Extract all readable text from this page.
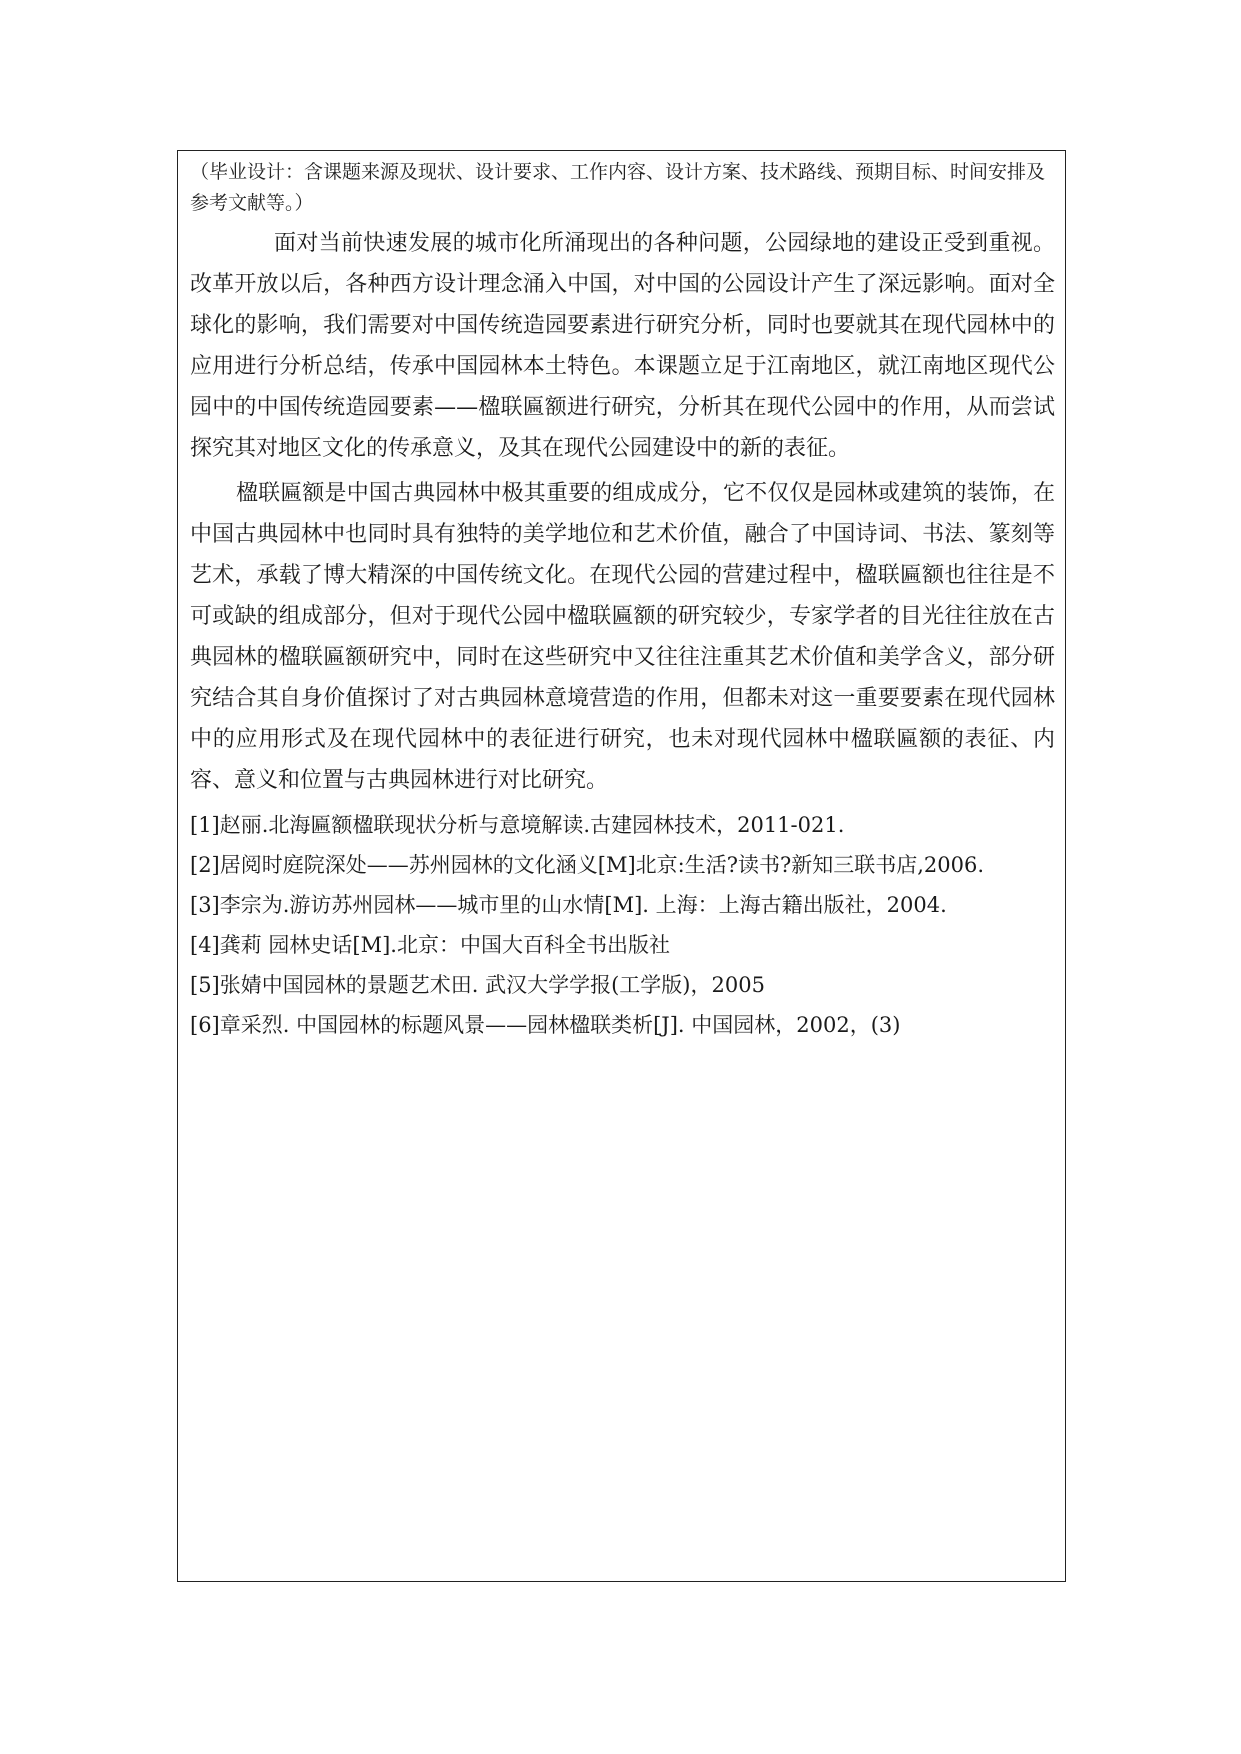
（毕业设计：含课题来源及现状、设计要求、工作内容、设计方案、技术路线、预期目标、时间安排及参考文献等。）

面对当前快速发展的城市化所涌现出的各种问题，公园绿地的建设正受到重视。改革开放以后，各种西方设计理念涌入中国，对中国的公园设计产生了深远影响。面对全球化的影响，我们需要对中国传统造园要素进行研究分析，同时也要就其在现代园林中的应用进行分析总结，传承中国园林本土特色。本课题立足于江南地区，就江南地区现代公园中的中国传统造园要素——楹联匾额进行研究，分析其在现代公园中的作用，从而尝试探究其对地区文化的传承意义，及其在现代公园建设中的新的表征。

楹联匾额是中国古典园林中极其重要的组成成分，它不仅仅是园林或建筑的装饰，在中国古典园林中也同时具有独特的美学地位和艺术价值，融合了中国诗词、书法、篆刻等艺术，承载了博大精深的中国传统文化。在现代公园的营建过程中，楹联匾额也往往是不可或缺的组成部分，但对于现代公园中楹联匾额的研究较少，专家学者的目光往往放在古典园林的楹联匾额研究中，同时在这些研究中又往往注重其艺术价值和美学含义，部分研究结合其自身价值探讨了对古典园林意境营造的作用，但都未对这一重要要素在现代园林中的应用形式及在现代园林中的表征进行研究，也未对现代园林中楹联匾额的表征、内容、意义和位置与古典园林进行对比研究。

[1]赵丽.北海匾额楹联现状分析与意境解读.古建园林技术，2011-021.

[2]居阅时庭院深处——苏州园林的文化涵义[M]北京:生活?读书?新知三联书店,2006.

[3]李宗为.游访苏州园林——城市里的山水情[M]. 上海：上海古籍出版社，2004.

[4]龚莉 园林史话[M].北京：中国大百科全书出版社

[5]张婧中国园林的景题艺术田. 武汉大学学报(工学版)，2005

[6]章采烈. 中国园林的标题风景——园林楹联类析[J]. 中国园林，2002，(3)
